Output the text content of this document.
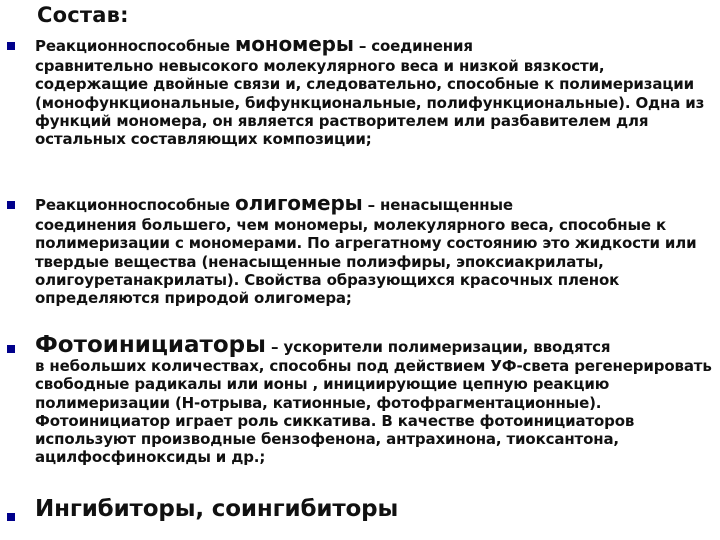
Состав:
Реакционноспособные мономеры – соединения
сравнительно невысокого молекулярного веса и низкой вязкости, содержащие двойные связи и, следовательно, способные к полимеризации (монофункциональные, бифункциональные, полифункциональные). Одна из функций мономера, он является растворителем или разбавителем для остальных составляющих композиции;
Реакционноспособные олигомеры – ненасыщенные
соединения большего, чем мономеры, молекулярного веса, способные к полимеризации с мономерами. По агрегатному состоянию это жидкости или твердые вещества (ненасыщенные полиэфиры, эпоксиакрилаты, олигоуретанакрилаты). Свойства образующихся красочных пленок определяются природой олигомера;
Фотоинициаторы – ускорители полимеризации, вводятся
в небольших количествах, способны под действием УФ-света регенерировать свободные радикалы или ионы , инициирующие цепную реакцию полимеризации (Н-отрыва, катионные, фотофрагментационные). Фотоинициатор играет роль сиккатива. В качестве фотоинициаторов используют производные бензофенона, антрахинона, тиоксантона, ацилфосфиноксиды и др.;
Ингибиторы, соингибиторы
